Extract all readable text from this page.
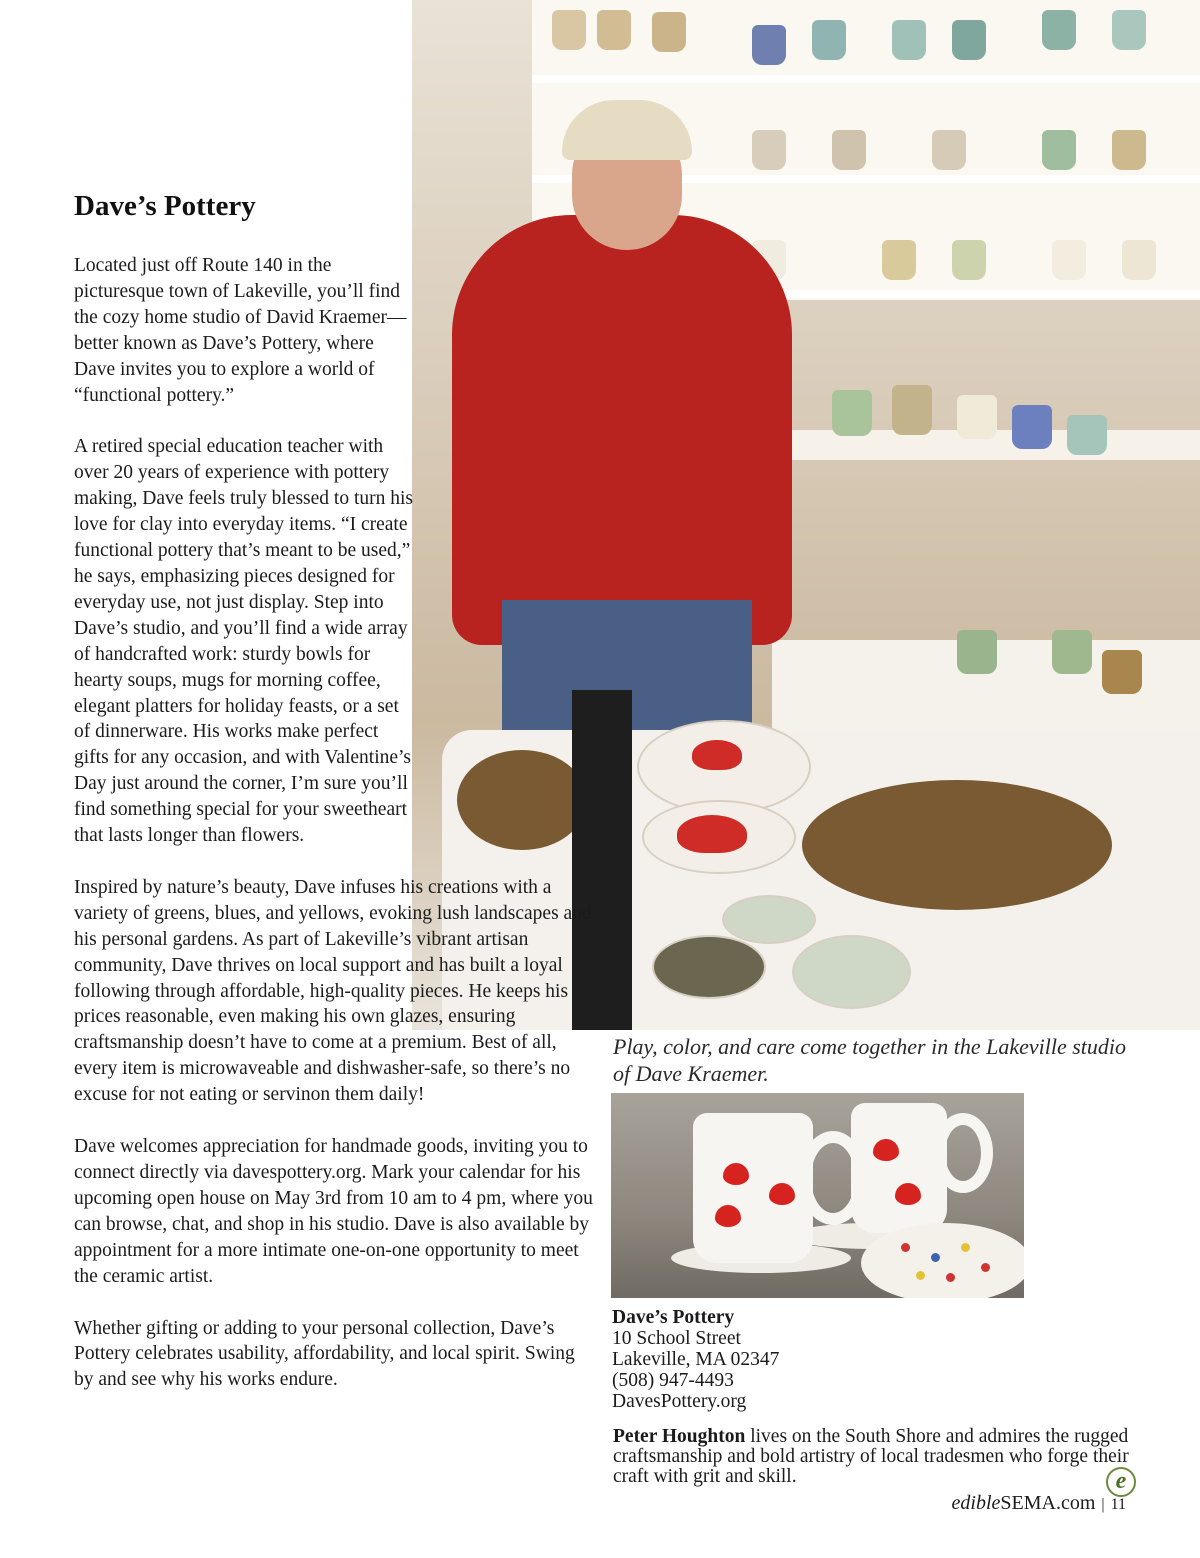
Dave’s Pottery

Located just off Route 140 in the picturesque town of Lakeville, you’ll find the cozy home studio of David Kraemer—better known as Dave’s Pottery, where Dave invites you to explore a world of “functional pottery.”

A retired special education teacher with over 20 years of experience with pottery making, Dave feels truly blessed to turn his love for clay into everyday items. “I create functional pottery that’s meant to be used,” he says, emphasizing pieces designed for everyday use, not just display. Step into Dave’s studio, and you’ll find a wide array of handcrafted work: sturdy bowls for hearty soups, mugs for morning coffee, elegant platters for holiday feasts, or a set of dinnerware. His works make perfect gifts for any occasion, and with Valentine’s Day just around the corner, I’m sure you’ll find something special for your sweetheart that lasts longer than flowers.

Inspired by nature’s beauty, Dave infuses his creations with a variety of greens, blues, and yellows, evoking lush landscapes and his personal gardens. As part of Lakeville’s vibrant artisan community, Dave thrives on local support and has built a loyal following through affordable, high-quality pieces. He keeps his prices reasonable, even making his own glazes, ensuring craftsmanship doesn’t have to come at a premium. Best of all, every item is microwaveable and dishwasher-safe, so there’s no excuse for not eating or servinon them daily!

Dave welcomes appreciation for handmade goods, inviting you to connect directly via davespottery.org. Mark your calendar for his upcoming open house on May 3rd from 10 am to 4 pm, where you can browse, chat, and shop in his studio. Dave is also available by appointment for a more intimate one-on-one opportunity to meet the ceramic artist.

Whether gifting or adding to your personal collection, Dave’s Pottery celebrates usability, affordability, and local spirit. Swing by and see why his works endure.

Play, color, and care come together in the Lakeville studio of Dave Kraemer.
Dave’s Pottery
10 School Street
Lakeville, MA 02347
(508) 947-4493
DavesPottery.org
Peter Houghton lives on the South Shore and admires the rugged craftsmanship and bold artistry of local tradesmen who forge their craft with grit and skill.	e
edibleSEMA.com | 11
